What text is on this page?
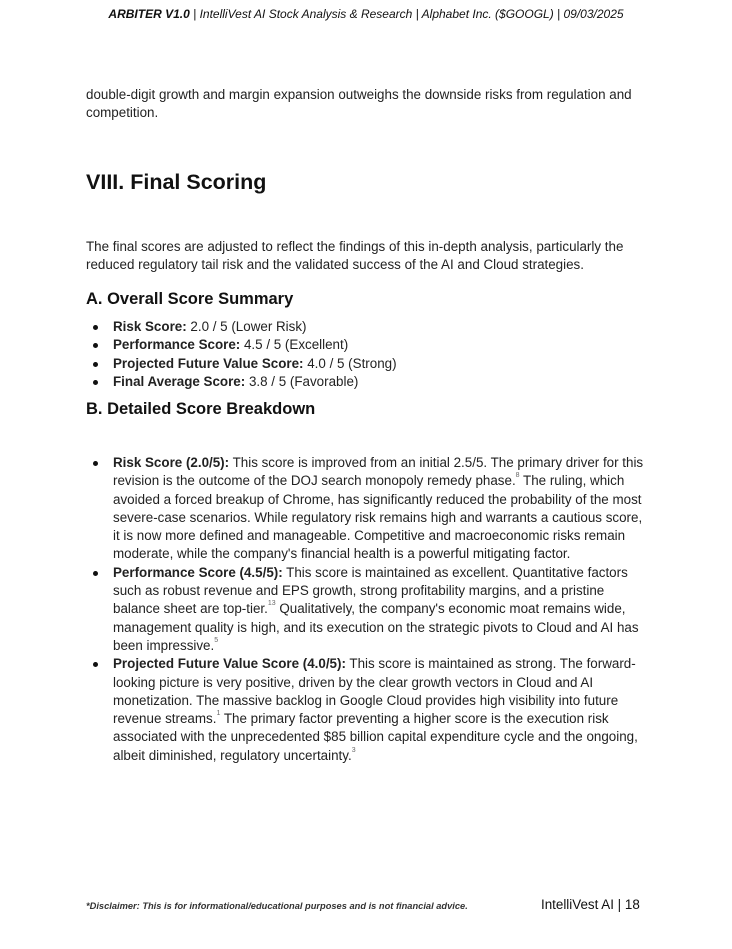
ARBITER V1.0 | IntelliVest AI Stock Analysis & Research | Alphabet Inc. ($GOOGL) | 09/03/2025

double-digit growth and margin expansion outweighs the downside risks from regulation and competition.

VIII. Final Scoring

The final scores are adjusted to reflect the findings of this in-depth analysis, particularly the reduced regulatory tail risk and the validated success of the AI and Cloud strategies.

A. Overall Score Summary
Risk Score: 2.0 / 5 (Lower Risk)
Performance Score: 4.5 / 5 (Excellent)
Projected Future Value Score: 4.0 / 5 (Strong)
Final Average Score: 3.8 / 5 (Favorable)
B. Detailed Score Breakdown
Risk Score (2.0/5): This score is improved from an initial 2.5/5. The primary driver for this revision is the outcome of the DOJ search monopoly remedy phase.$^8$ The ruling, which avoided a forced breakup of Chrome, has significantly reduced the probability of the most severe-case scenarios. While regulatory risk remains high and warrants a cautious score, it is now more defined and manageable. Competitive and macroeconomic risks remain moderate, while the company's financial health is a powerful mitigating factor.
Performance Score (4.5/5): This score is maintained as excellent. Quantitative factors such as robust revenue and EPS growth, strong profitability margins, and a pristine balance sheet are top-tier.$^{13}$ Qualitatively, the company's economic moat remains wide, management quality is high, and its execution on the strategic pivots to Cloud and AI has been impressive.$^5$
Projected Future Value Score (4.0/5): This score is maintained as strong. The forward-looking picture is very positive, driven by the clear growth vectors in Cloud and AI monetization. The massive backlog in Google Cloud provides high visibility into future revenue streams.$^1$ The primary factor preventing a higher score is the execution risk associated with the unprecedented $85 billion capital expenditure cycle and the ongoing, albeit diminished, regulatory uncertainty.$^3$
*Disclaimer: This is for informational/educational purposes and is not financial advice.	IntelliVest AI | 18
